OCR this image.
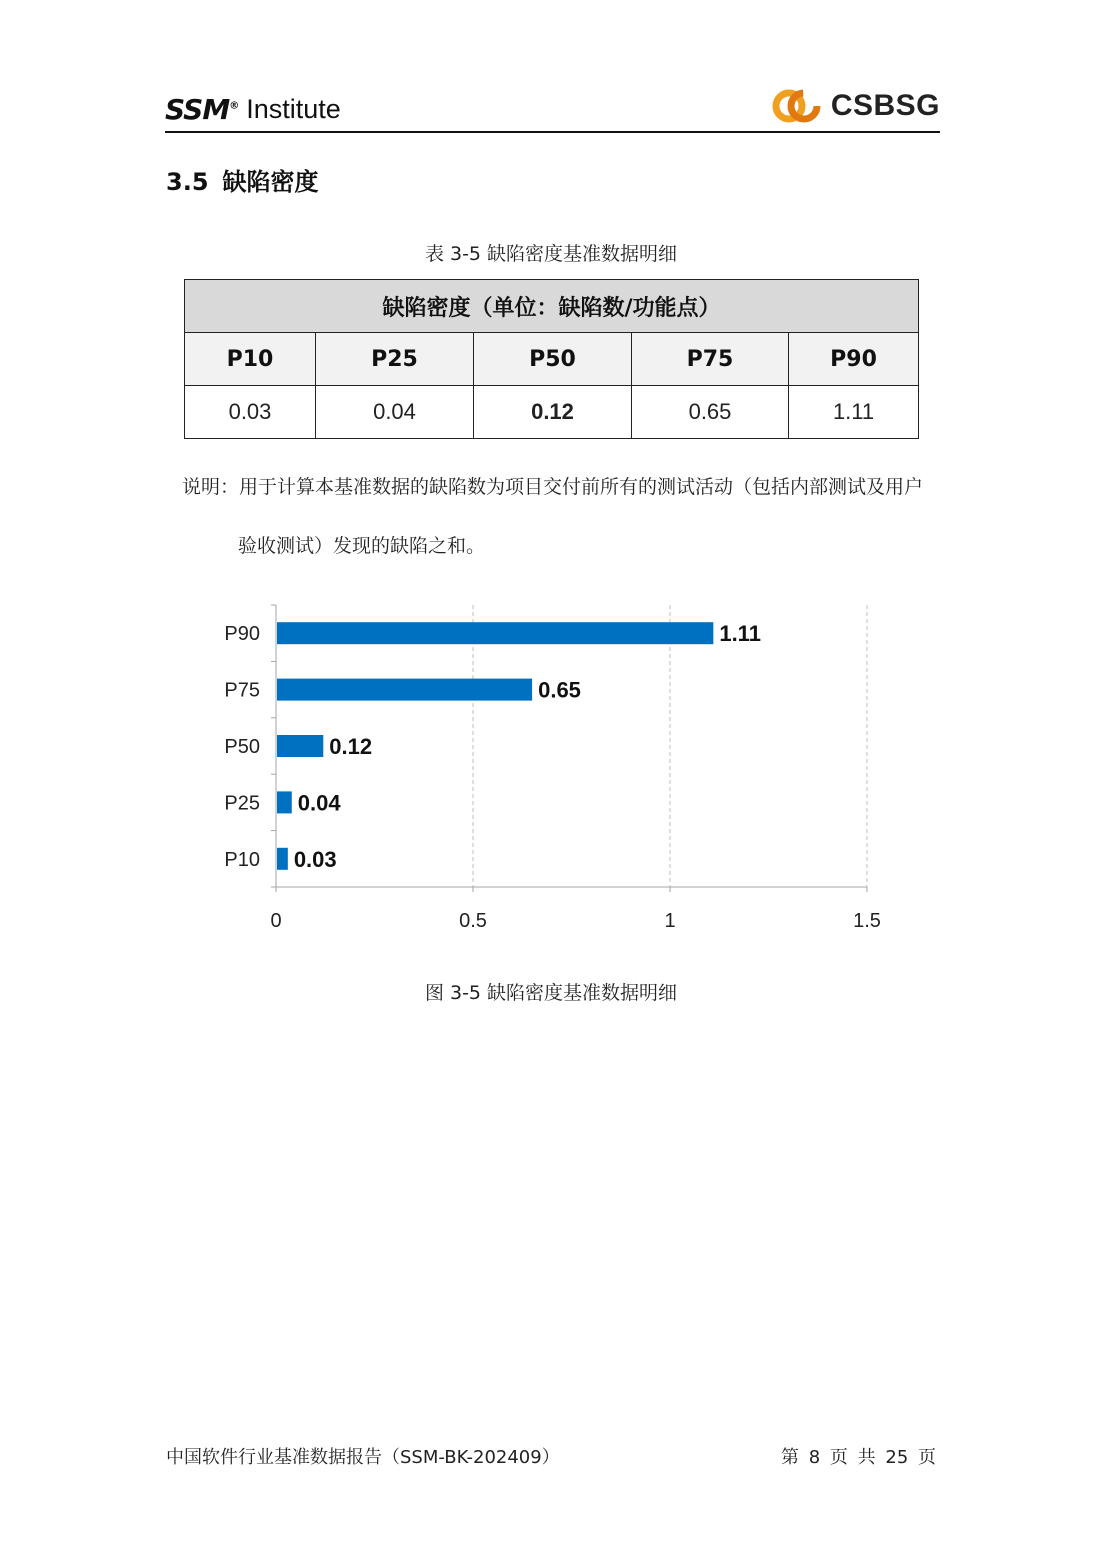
SSM® Institute	CSBSG
3.5 缺陷密度
表 3-5 缺陷密度基准数据明细
缺陷密度（单位：缺陷数/功能点）				
P10	P25	P50	P75	P90
0.03	0.04	0.12	0.65	1.11
说明：用于计算本基准数据的缺陷数为项目交付前所有的测试活动（包括内部测试及用户
验收测试）发现的缺陷之和。
P10 0.03
P25 0.04
P50	0.12
P75	0.65
P90	1.11
0	0.5	1	1.5
图 3-5 缺陷密度基准数据明细
中国软件行业基准数据报告（SSM-BK-202409）	第 8 页 共 25 页
